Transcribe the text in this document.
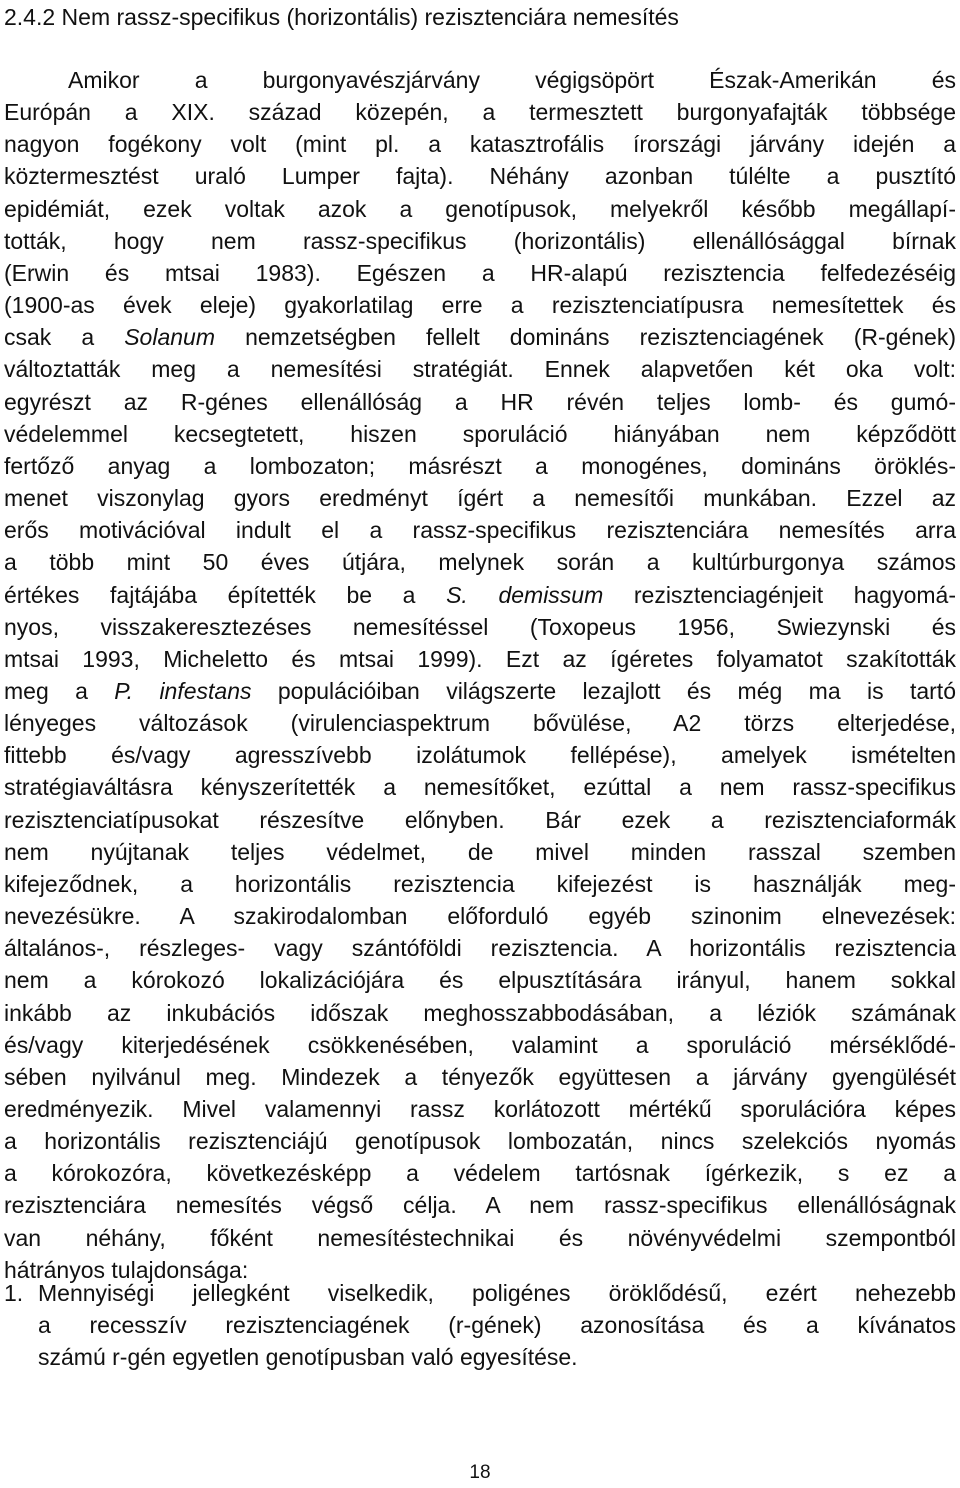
2.4.2 Nem rassz-specifikus (horizontális) rezisztenciára nemesítés
Amikor a burgonyavészjárvány végigsöpört Észak-Amerikán és
Európán a XIX. század közepén, a termesztett burgonyafajták többsége
nagyon fogékony volt (mint pl. a katasztrofális írországi járvány idején a
köztermesztést uraló Lumper fajta). Néhány azonban túlélte a pusztító
epidémiát, ezek voltak azok a genotípusok, melyekről később megállapí-
tották, hogy nem rassz-specifikus (horizontális) ellenállósággal bírnak
(Erwin és mtsai 1983). Egészen a HR-alapú rezisztencia felfedezéséig
(1900-as évek eleje) gyakorlatilag erre a rezisztenciatípusra nemesítettek és
csak a Solanum nemzetségben fellelt domináns rezisztenciagének (R-gének)
változtatták meg a nemesítési stratégiát. Ennek alapvetően két oka volt:
egyrészt az R-génes ellenállóság a HR révén teljes lomb- és gumó-
védelemmel kecsegtetett, hiszen sporuláció hiányában nem képződött
fertőző anyag a lombozaton; másrészt a monogénes, domináns öröklés-
menet viszonylag gyors eredményt ígért a nemesítői munkában. Ezzel az
erős motivációval indult el a rassz-specifikus rezisztenciára nemesítés arra
a több mint 50 éves útjára, melynek során a kultúrburgonya számos
értékes fajtájába építették be a S. demissum rezisztenciagénjeit hagyomá-
nyos, visszakeresztezéses nemesítéssel (Toxopeus 1956, Swiezynski és
mtsai 1993, Micheletto és mtsai 1999). Ezt az ígéretes folyamatot szakították
meg a P. infestans populációiban világszerte lezajlott és még ma is tartó
lényeges változások (virulenciaspektrum bővülése, A2 törzs elterjedése,
fittebb és/vagy agresszívebb izolátumok fellépése), amelyek ismételten
stratégiaváltásra kényszerítették a nemesítőket, ezúttal a nem rassz-specifikus
rezisztenciatípusokat részesítve előnyben. Bár ezek a rezisztenciaformák
nem nyújtanak teljes védelmet, de mivel minden rasszal szemben
kifejeződnek, a horizontális rezisztencia kifejezést is használják meg-
nevezésükre. A szakirodalomban előforduló egyéb szinonim elnevezések:
általános-, részleges- vagy szántóföldi rezisztencia. A horizontális rezisztencia
nem a kórokozó lokalizációjára és elpusztítására irányul, hanem sokkal
inkább az inkubációs időszak meghosszabbodásában, a léziók számának
és/vagy kiterjedésének csökkenésében, valamint a sporuláció mérséklődé-
sében nyilvánul meg. Mindezek a tényezők együttesen a járvány gyengülését
eredményezik. Mivel valamennyi rassz korlátozott mértékű sporulációra képes
a horizontális rezisztenciájú genotípusok lombozatán, nincs szelekciós nyomás
a kórokozóra, következésképp a védelem tartósnak ígérkezik, s ez a
rezisztenciára nemesítés végső célja. A nem rassz-specifikus ellenállóságnak
van néhány, főként nemesítéstechnikai és növényvédelmi szempontból
hátrányos tulajdonsága:
1. Mennyiségi jellegként viselkedik, poligénes öröklődésű, ezért nehezebb
a recesszív rezisztenciagének (r-gének) azonosítása és a kívánatos
számú r-gén egyetlen genotípusban való egyesítése.
18
